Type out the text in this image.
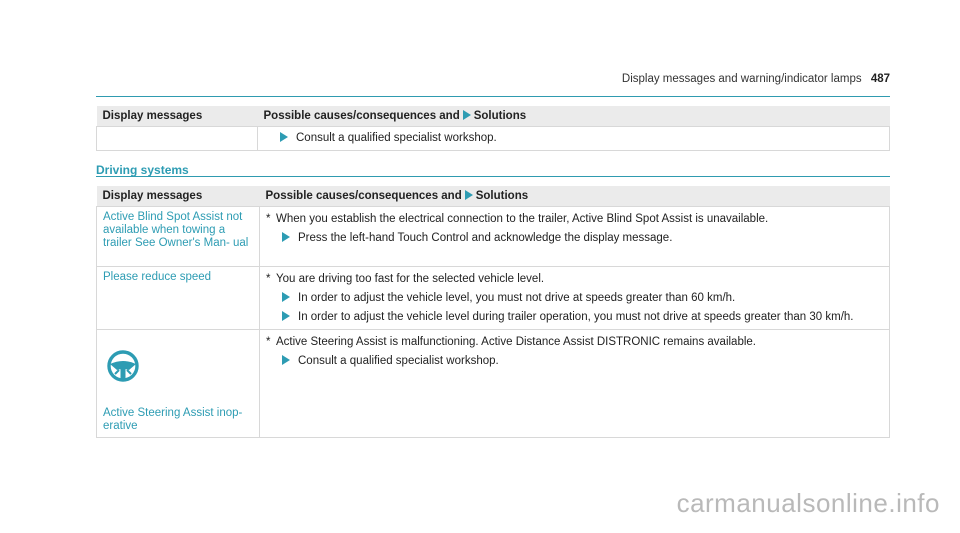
Display messages and warning/indicator lamps 487
Display messages	Possible causes/consequences and Solutions

	Consult a qualified specialist workshop.
Driving systems
Display messages	Possible causes/consequences and Solutions

Active Blind Spot Assist not available when towing a trailer See Owner's Man- ual	* When you establish the electrical connection to the trailer, Active Blind Spot Assist is unavailable.
Press the left-hand Touch Control and acknowledge the display message.

Please reduce speed	* You are driving too fast for the selected vehicle level.
In order to adjust the vehicle level, you must not drive at speeds greater than 60 km/h.
In order to adjust the vehicle level during trailer operation, you must not drive at speeds greater than 30 km/h.

Active Steering Assist inop- erative	* Active Steering Assist is malfunctioning. Active Distance Assist DISTRONIC remains available.
Consult a qualified specialist workshop.
carmanualsonline.info
